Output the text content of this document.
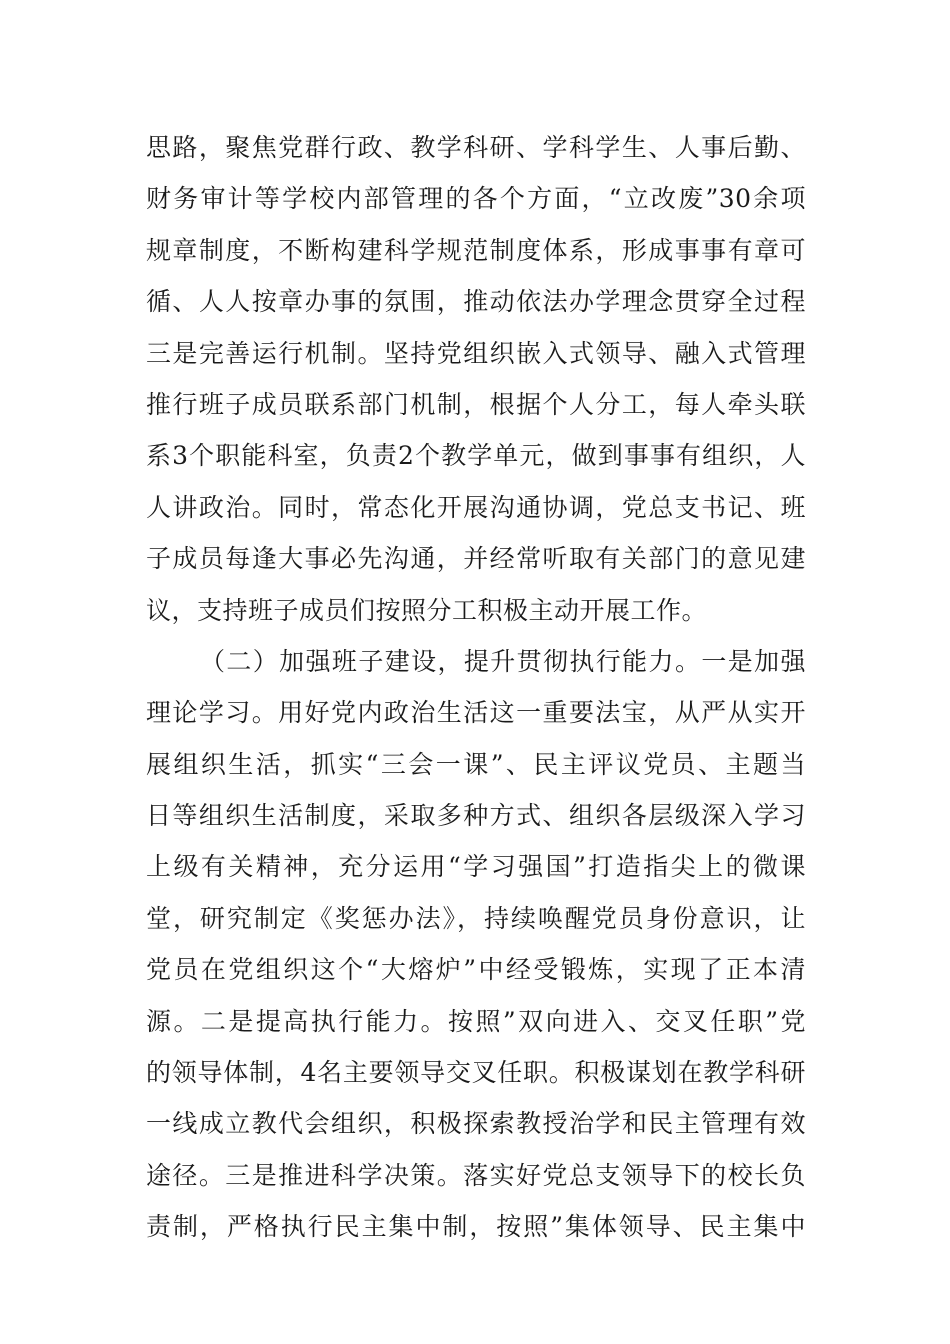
思路，聚焦党群行政、教学科研、学科学生、人事后勤、
财务审计等学校内部管理的各个方面，“立改废”30余项
规章制度，不断构建科学规范制度体系，形成事事有章可
循、人人按章办事的氛围，推动依法办学理念贯穿全过程
三是完善运行机制。坚持党组织嵌入式领导、融入式管理
推行班子成员联系部门机制，根据个人分工，每人牵头联
系3个职能科室，负责2个教学单元，做到事事有组织，人
人讲政治。同时，常态化开展沟通协调，党总支书记、班
子成员每逢大事必先沟通，并经常听取有关部门的意见建
议，支持班子成员们按照分工积极主动开展工作。
（二）加强班子建设，提升贯彻执行能力。一是加强
理论学习。用好党内政治生活这一重要法宝，从严从实开
展组织生活，抓实“三会一课”、民主评议党员、主题当
日等组织生活制度，采取多种方式、组织各层级深入学习
上级有关精神，充分运用“学习强国”打造指尖上的微课
堂，研究制定《奖惩办法》，持续唤醒党员身份意识，让
党员在党组织这个“大熔炉”中经受锻炼，实现了正本清
源。二是提高执行能力。按照”双向进入、交叉任职”党
的领导体制，4名主要领导交叉任职。积极谋划在教学科研
一线成立教代会组织，积极探索教授治学和民主管理有效
途径。三是推进科学决策。落实好党总支领导下的校长负
责制，严格执行民主集中制，按照”集体领导、民主集中
